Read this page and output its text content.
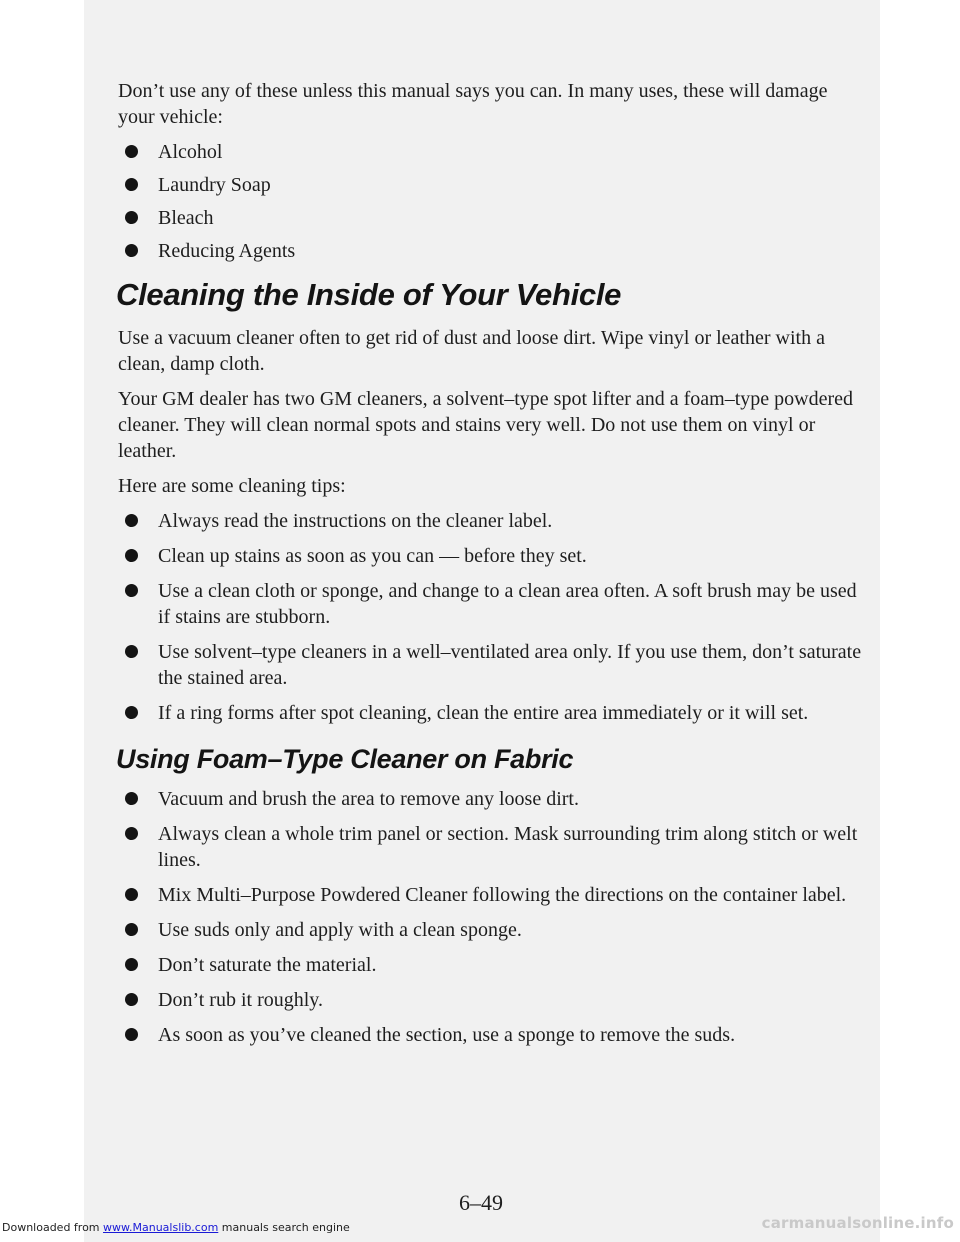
Don’t use any of these unless this manual says you can. In many uses, these will damage your vehicle:

Alcohol
Laundry Soap
Bleach
Reducing Agents
Cleaning the Inside of Your Vehicle

Use a vacuum cleaner often to get rid of dust and loose dirt. Wipe vinyl or leather with a clean, damp cloth.

Your GM dealer has two GM cleaners, a solvent–type spot lifter and a foam–type powdered cleaner. They will clean normal spots and stains very well. Do not use them on vinyl or leather.

Here are some cleaning tips:

Always read the instructions on the cleaner label.
Clean up stains as soon as you can — before they set.
Use a clean cloth or sponge, and change to a clean area often. A soft brush may be used if stains are stubborn.
Use solvent–type cleaners in a well–ventilated area only. If you use them, don’t saturate the stained area.
If a ring forms after spot cleaning, clean the entire area immediately or it will set.
Using Foam–Type Cleaner on Fabric
Vacuum and brush the area to remove any loose dirt.
Always clean a whole trim panel or section. Mask surrounding trim along stitch or welt lines.
Mix Multi–Purpose Powdered Cleaner following the directions on the container label.
Use suds only and apply with a clean sponge.
Don’t saturate the material.
Don’t rub it roughly.
As soon as you’ve cleaned the section, use a sponge to remove the suds.
6–49
Downloaded from www.Manualslib.com manuals search engine	carmanualsonline.info
